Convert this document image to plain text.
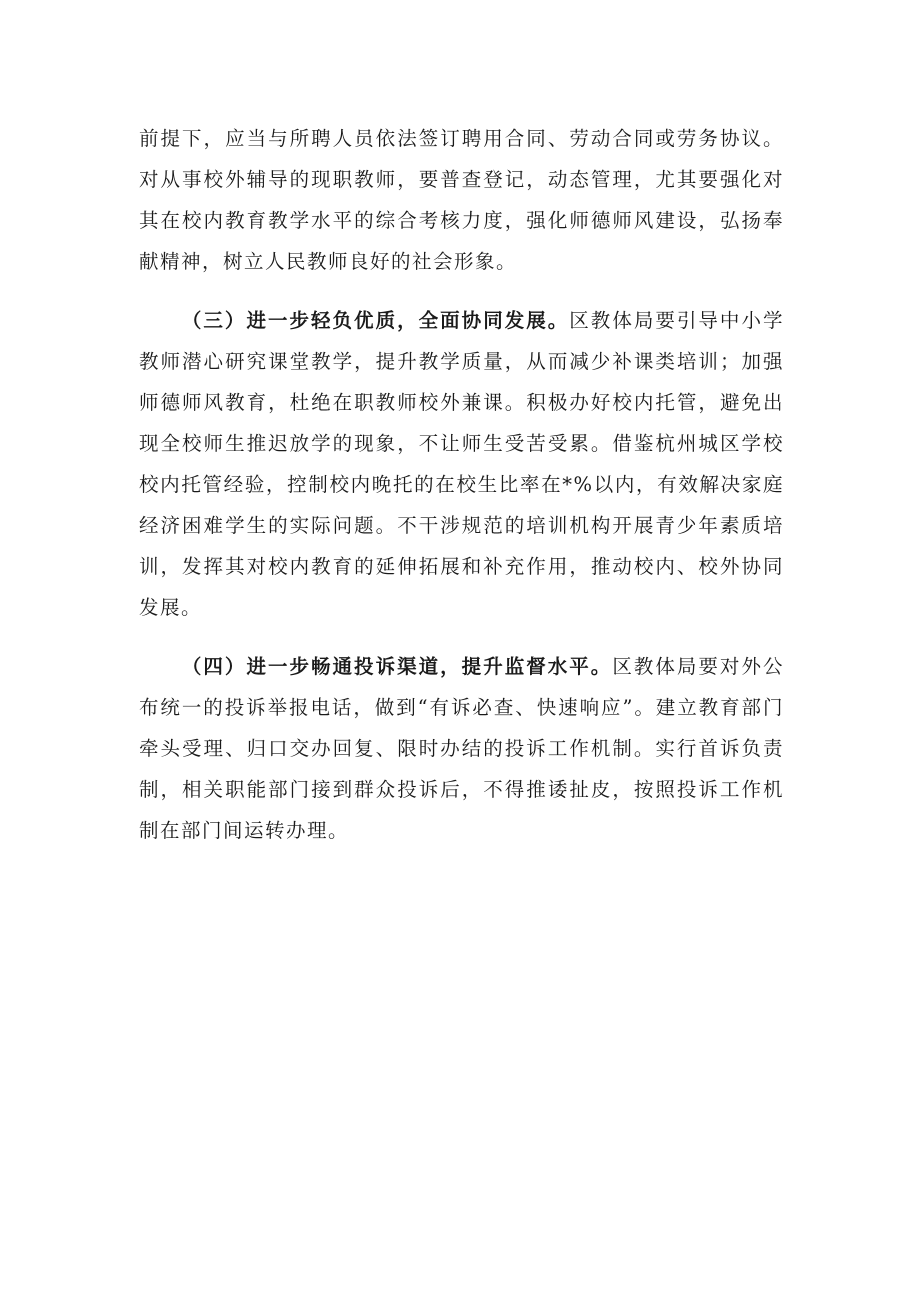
前提下，应当与所聘人员依法签订聘用合同、劳动合同或劳务协议。对从事校外辅导的现职教师，要普查登记，动态管理，尤其要强化对其在校内教育教学水平的综合考核力度，强化师德师风建设，弘扬奉献精神，树立人民教师良好的社会形象。

（三）进一步轻负优质，全面协同发展。区教体局要引导中小学教师潜心研究课堂教学，提升教学质量，从而减少补课类培训；加强师德师风教育，杜绝在职教师校外兼课。积极办好校内托管，避免出现全校师生推迟放学的现象，不让师生受苦受累。借鉴杭州城区学校校内托管经验，控制校内晚托的在校生比率在*%以内，有效解决家庭经济困难学生的实际问题。不干涉规范的培训机构开展青少年素质培训，发挥其对校内教育的延伸拓展和补充作用，推动校内、校外协同发展。

（四）进一步畅通投诉渠道，提升监督水平。区教体局要对外公布统一的投诉举报电话，做到“有诉必查、快速响应”。建立教育部门牵头受理、归口交办回复、限时办结的投诉工作机制。实行首诉负责制，相关职能部门接到群众投诉后，不得推诿扯皮，按照投诉工作机制在部门间运转办理。
